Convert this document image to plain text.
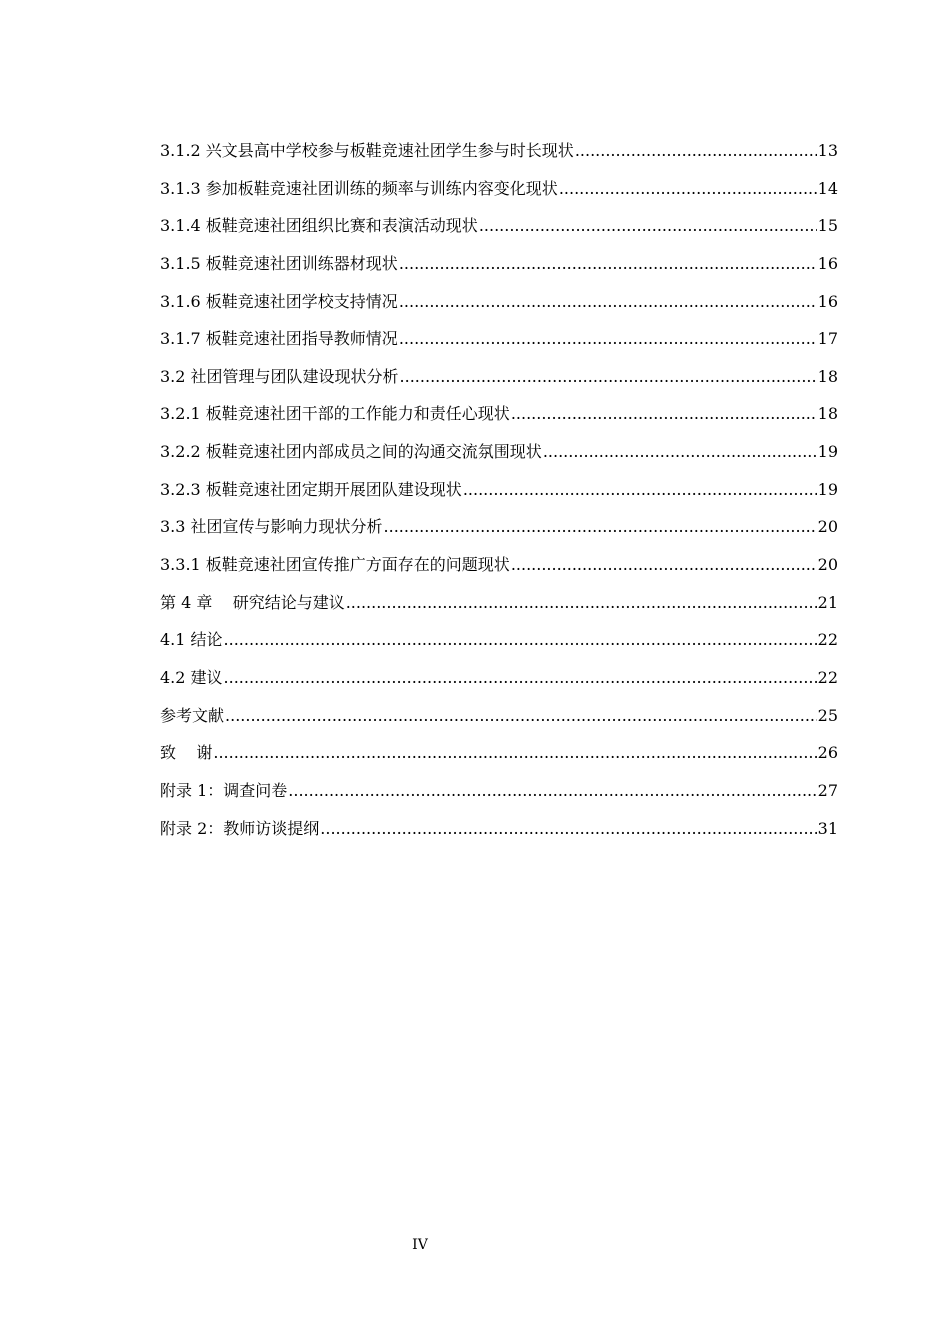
3.1.2 兴文县高中学校参与板鞋竞速社团学生参与时长现状 .....	13
3.1.3 参加板鞋竞速社团训练的频率与训练内容变化现状 .....	14
3.1.4 板鞋竞速社团组织比赛和表演活动现状 .....	15
3.1.5 板鞋竞速社团训练器材现状 .....	16
3.1.6 板鞋竞速社团学校支持情况 .....	16
3.1.7 板鞋竞速社团指导教师情况 .....	17
3.2 社团管理与团队建设现状分析 .....	18
3.2.1 板鞋竞速社团干部的工作能力和责任心现状 .....	18
3.2.2 板鞋竞速社团内部成员之间的沟通交流氛围现状 .....	19
3.2.3 板鞋竞速社团定期开展团队建设现状 .....	19
3.3 社团宣传与影响力现状分析 .....	20
3.3.1 板鞋竞速社团宣传推广方面存在的问题现状 .....	20
第 4 章    研究结论与建议 .....	21
4.1 结论 .....	22
4.2 建议 .....	22
参考文献 .....	25
致    谢 .....	26
附录 1：调查问卷 .....	27
附录 2：教师访谈提纲 .....	31
IV
